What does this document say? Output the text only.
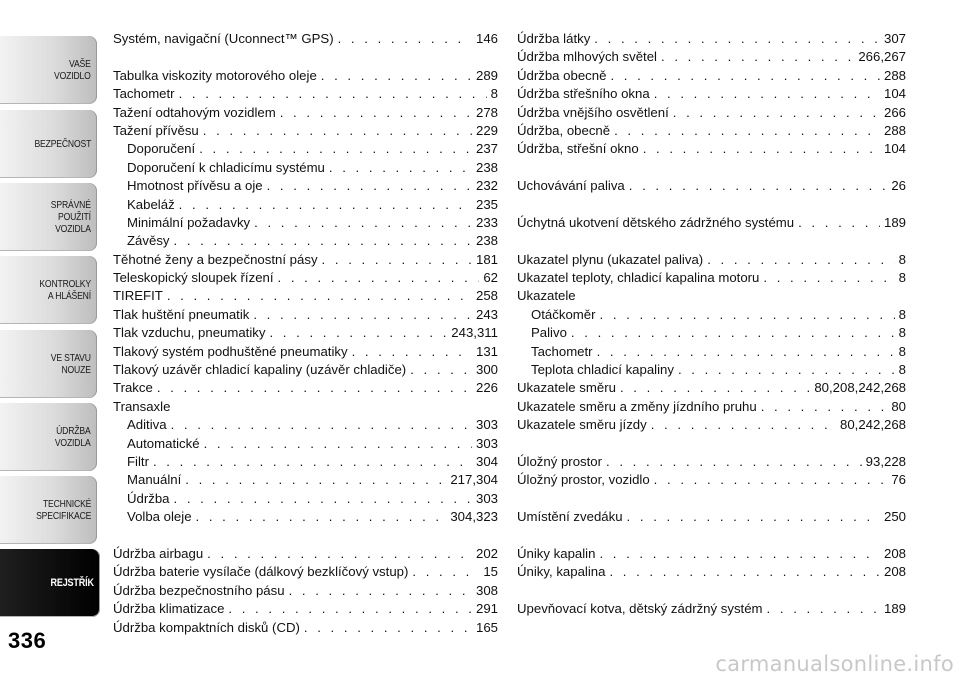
VAŠE
VOZIDLO
BEZPEČNOST
SPRÁVNÉ
POUŽITÍ
VOZIDLA
KONTROLKY
A HLÁŠENÍ
VE STAVU
NOUZE
ÚDRŽBA
VOZIDLA
TECHNICKÉ
SPECIFIKACE
REJSTŘÍK
336
Systém, navigační (Uconnect™ GPS) . . .	146
Tabulka viskozity motorového oleje . . .	289
Tachometr . . .	8
Tažení odtahovým vozidlem . . .	278
Tažení přívěsu . . .	229
Doporučení . . .	237
Doporučení k chladicímu systému . . .	238
Hmotnost přívěsu a oje . . .	232
Kabeláž . . .	235
Minimální požadavky . . .	233
Závěsy . . .	238
Těhotné ženy a bezpečnostní pásy . . .	181
Teleskopický sloupek řízení . . .	62
TIREFIT . . .	258
Tlak huštění pneumatik . . .	243
Tlak vzduchu, pneumatiky . . .	243,311
Tlakový systém podhuštěné pneumatiky . . .	131
Tlakový uzávěr chladicí kapaliny (uzávěr chladiče) . . .	300
Trakce . . .	226
Transaxle
Aditiva . . .	303
Automatické . . .	303
Filtr . . .	304
Manuální . . .	217,304
Údržba . . .	303
Volba oleje . . .	304,323
Údržba airbagu . . .	202
Údržba baterie vysílače (dálkový bezklíčový vstup) . . .	15
Údržba bezpečnostního pásu . . .	308
Údržba klimatizace . . .	291
Údržba kompaktních disků (CD) . . .	165
Údržba látky . . .	307
Údržba mlhových světel . . .	266,267
Údržba obecně . . .	288
Údržba střešního okna . . .	104
Údržba vnějšího osvětlení . . .	266
Údržba, obecně . . .	288
Údržba, střešní okno . . .	104
Uchovávání paliva . . .	26
Úchytná ukotvení dětského zádržného systému . . .	189
Ukazatel plynu (ukazatel paliva) . . .	8
Ukazatel teploty, chladicí kapalina motoru . . .	8
Ukazatele
Otáčkoměr . . .	8
Palivo . . .	8
Tachometr . . .	8
Teplota chladicí kapaliny . . .	8
Ukazatele směru . . .	80,208,242,268
Ukazatele směru a změny jízdního pruhu . . .	80
Ukazatele směru jízdy . . .	80,242,268
Úložný prostor . . .	93,228
Úložný prostor, vozidlo . . .	76
Umístění zvedáku . . .	250
Úniky kapalin . . .	208
Úniky, kapalina . . .	208
Upevňovací kotva, dětský zádržný systém . . .	189
carmanualsonline.info
